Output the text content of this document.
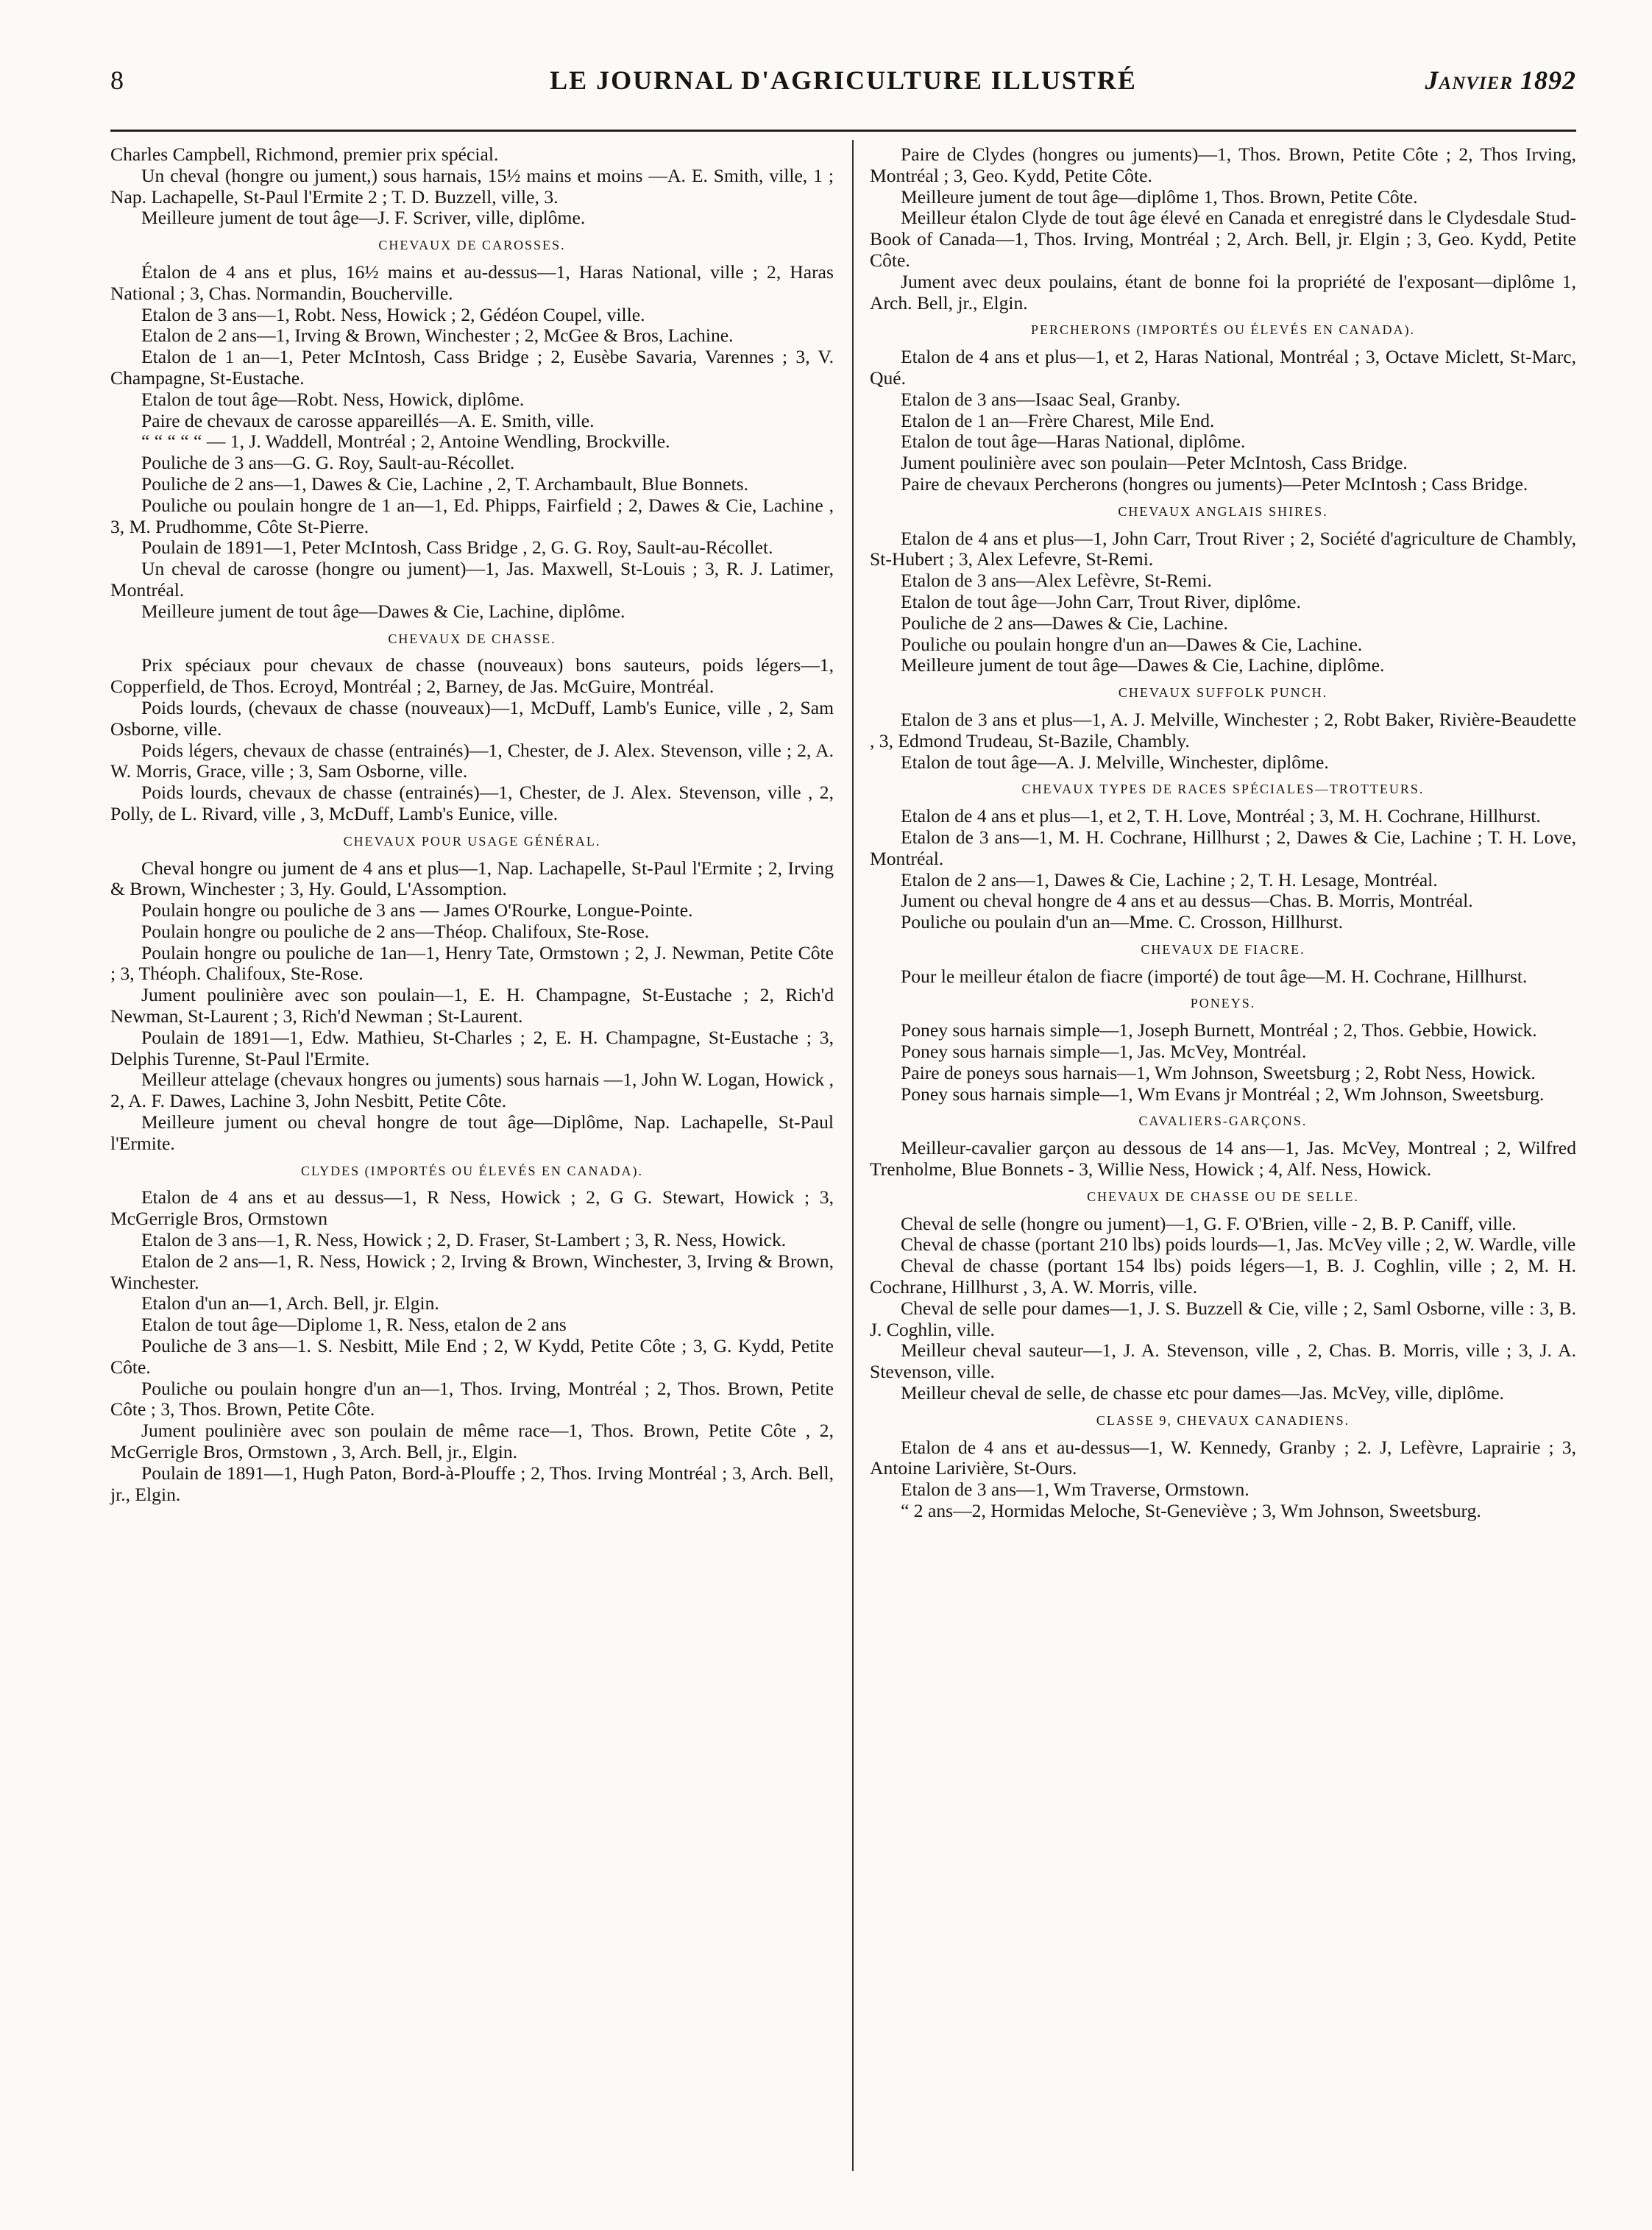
8	LE JOURNAL D'AGRICULTURE ILLUSTRÉ	Janvier 1892

Charles Campbell, Richmond, premier prix spécial.

Un cheval (hongre ou jument,) sous harnais, 15½ mains et moins —A. E. Smith, ville, 1 ; Nap. Lachapelle, St-Paul l'Ermite 2 ; T. D. Buzzell, ville, 3.

Meilleure jument de tout âge—J. F. Scriver, ville, diplôme.

CHEVAUX DE CAROSSES.

Étalon de 4 ans et plus, 16½ mains et au-dessus—1, Haras National, ville ; 2, Haras National ; 3, Chas. Normandin, Boucherville.

Etalon de 3 ans—1, Robt. Ness, Howick ; 2, Gédéon Coupel, ville.

Etalon de 2 ans—1, Irving & Brown, Winchester ; 2, McGee & Bros, Lachine.

Etalon de 1 an—1, Peter McIntosh, Cass Bridge ; 2, Eusèbe Savaria, Varennes ; 3, V. Champagne, St-Eustache.

Etalon de tout âge—Robt. Ness, Howick, diplôme.

Paire de chevaux de carosse appareillés—A. E. Smith, ville.

“ “ “ “ “ — 1, J. Waddell, Montréal ; 2, Antoine Wendling, Brockville.

Pouliche de 3 ans—G. G. Roy, Sault-au-Récollet.

Pouliche de 2 ans—1, Dawes & Cie, Lachine , 2, T. Archambault, Blue Bonnets.

Pouliche ou poulain hongre de 1 an—1, Ed. Phipps, Fairfield ; 2, Dawes & Cie, Lachine , 3, M. Prudhomme, Côte St-Pierre.

Poulain de 1891—1, Peter McIntosh, Cass Bridge , 2, G. G. Roy, Sault-au-Récollet.

Un cheval de carosse (hongre ou jument)—1, Jas. Maxwell, St-Louis ; 3, R. J. Latimer, Montréal.

Meilleure jument de tout âge—Dawes & Cie, Lachine, diplôme.

CHEVAUX DE CHASSE.

Prix spéciaux pour chevaux de chasse (nouveaux) bons sauteurs, poids légers—1, Copperfield, de Thos. Ecroyd, Montréal ; 2, Barney, de Jas. McGuire, Montréal.

Poids lourds, (chevaux de chasse (nouveaux)—1, McDuff, Lamb's Eunice, ville , 2, Sam Osborne, ville.

Poids légers, chevaux de chasse (entrainés)—1, Chester, de J. Alex. Stevenson, ville ; 2, A. W. Morris, Grace, ville ; 3, Sam Osborne, ville.

Poids lourds, chevaux de chasse (entrainés)—1, Chester, de J. Alex. Stevenson, ville , 2, Polly, de L. Rivard, ville , 3, McDuff, Lamb's Eunice, ville.

CHEVAUX POUR USAGE GÉNÉRAL.

Cheval hongre ou jument de 4 ans et plus—1, Nap. Lachapelle, St-Paul l'Ermite ; 2, Irving & Brown, Winchester ; 3, Hy. Gould, L'Assomption.

Poulain hongre ou pouliche de 3 ans — James O'Rourke, Longue-Pointe.

Poulain hongre ou pouliche de 2 ans—Théop. Chalifoux, Ste-Rose.

Poulain hongre ou pouliche de 1an—1, Henry Tate, Ormstown ; 2, J. Newman, Petite Côte ; 3, Théoph. Chalifoux, Ste-Rose.

Jument poulinière avec son poulain—1, E. H. Champagne, St-Eustache ; 2, Rich'd Newman, St-Laurent ; 3, Rich'd Newman ; St-Laurent.

Poulain de 1891—1, Edw. Mathieu, St-Charles ; 2, E. H. Champagne, St-Eustache ; 3, Delphis Turenne, St-Paul l'Ermite.

Meilleur attelage (chevaux hongres ou juments) sous harnais —1, John W. Logan, Howick , 2, A. F. Dawes, Lachine 3, John Nesbitt, Petite Côte.

Meilleure jument ou cheval hongre de tout âge—Diplôme, Nap. Lachapelle, St-Paul l'Ermite.

CLYDES (IMPORTÉS OU ÉLEVÉS EN CANADA).

Etalon de 4 ans et au dessus—1, R Ness, Howick ; 2, G G. Stewart, Howick ; 3, McGerrigle Bros, Ormstown

Etalon de 3 ans—1, R. Ness, Howick ; 2, D. Fraser, St-Lambert ; 3, R. Ness, Howick.

Etalon de 2 ans—1, R. Ness, Howick ; 2, Irving & Brown, Winchester, 3, Irving & Brown, Winchester.

Etalon d'un an—1, Arch. Bell, jr. Elgin.

Etalon de tout âge—Diplome 1, R. Ness, etalon de 2 ans

Pouliche de 3 ans—1. S. Nesbitt, Mile End ; 2, W Kydd, Petite Côte ; 3, G. Kydd, Petite Côte.

Pouliche ou poulain hongre d'un an—1, Thos. Irving, Montréal ; 2, Thos. Brown, Petite Côte ; 3, Thos. Brown, Petite Côte.

Jument poulinière avec son poulain de même race—1, Thos. Brown, Petite Côte , 2, McGerrigle Bros, Ormstown , 3, Arch. Bell, jr., Elgin.

Poulain de 1891—1, Hugh Paton, Bord-à-Plouffe ; 2, Thos. Irving Montréal ; 3, Arch. Bell, jr., Elgin.

Paire de Clydes (hongres ou juments)—1, Thos. Brown, Petite Côte ; 2, Thos Irving, Montréal ; 3, Geo. Kydd, Petite Côte.

Meilleure jument de tout âge—diplôme 1, Thos. Brown, Petite Côte.

Meilleur étalon Clyde de tout âge élevé en Canada et enregistré dans le Clydesdale Stud-Book of Canada—1, Thos. Irving, Montréal ; 2, Arch. Bell, jr. Elgin ; 3, Geo. Kydd, Petite Côte.

Jument avec deux poulains, étant de bonne foi la propriété de l'exposant—diplôme 1, Arch. Bell, jr., Elgin.

PERCHERONS (IMPORTÉS OU ÉLEVÉS EN CANADA).

Etalon de 4 ans et plus—1, et 2, Haras National, Montréal ; 3, Octave Miclett, St-Marc, Qué.

Etalon de 3 ans—Isaac Seal, Granby.

Etalon de 1 an—Frère Charest, Mile End.

Etalon de tout âge—Haras National, diplôme.

Jument poulinière avec son poulain—Peter McIntosh, Cass Bridge.

Paire de chevaux Percherons (hongres ou juments)—Peter McIntosh ; Cass Bridge.

CHEVAUX ANGLAIS SHIRES.

Etalon de 4 ans et plus—1, John Carr, Trout River ; 2, Société d'agriculture de Chambly, St-Hubert ; 3, Alex Lefevre, St-Remi.

Etalon de 3 ans—Alex Lefèvre, St-Remi.

Etalon de tout âge—John Carr, Trout River, diplôme.

Pouliche de 2 ans—Dawes & Cie, Lachine.

Pouliche ou poulain hongre d'un an—Dawes & Cie, Lachine.

Meilleure jument de tout âge—Dawes & Cie, Lachine, diplôme.

CHEVAUX SUFFOLK PUNCH.

Etalon de 3 ans et plus—1, A. J. Melville, Winchester ; 2, Robt Baker, Rivière-Beaudette , 3, Edmond Trudeau, St-Bazile, Chambly.

Etalon de tout âge—A. J. Melville, Winchester, diplôme.

CHEVAUX TYPES DE RACES SPÉCIALES—TROTTEURS.

Etalon de 4 ans et plus—1, et 2, T. H. Love, Montréal ; 3, M. H. Cochrane, Hillhurst.

Etalon de 3 ans—1, M. H. Cochrane, Hillhurst ; 2, Dawes & Cie, Lachine ; T. H. Love, Montréal.

Etalon de 2 ans—1, Dawes & Cie, Lachine ; 2, T. H. Lesage, Montréal.

Jument ou cheval hongre de 4 ans et au dessus—Chas. B. Morris, Montréal.

Pouliche ou poulain d'un an—Mme. C. Crosson, Hillhurst.

CHEVAUX DE FIACRE.

Pour le meilleur étalon de fiacre (importé) de tout âge—M. H. Cochrane, Hillhurst.

PONEYS.

Poney sous harnais simple—1, Joseph Burnett, Montréal ; 2, Thos. Gebbie, Howick.

Poney sous harnais simple—1, Jas. McVey, Montréal.

Paire de poneys sous harnais—1, Wm Johnson, Sweetsburg ; 2, Robt Ness, Howick.

Poney sous harnais simple—1, Wm Evans jr Montréal ; 2, Wm Johnson, Sweetsburg.

CAVALIERS-GARÇONS.

Meilleur-cavalier garçon au dessous de 14 ans—1, Jas. McVey, Montreal ; 2, Wilfred Trenholme, Blue Bonnets - 3, Willie Ness, Howick ; 4, Alf. Ness, Howick.

CHEVAUX DE CHASSE OU DE SELLE.

Cheval de selle (hongre ou jument)—1, G. F. O'Brien, ville - 2, B. P. Caniff, ville.

Cheval de chasse (portant 210 lbs) poids lourds—1, Jas. McVey ville ; 2, W. Wardle, ville

Cheval de chasse (portant 154 lbs) poids légers—1, B. J. Coghlin, ville ; 2, M. H. Cochrane, Hillhurst , 3, A. W. Morris, ville.

Cheval de selle pour dames—1, J. S. Buzzell & Cie, ville ; 2, Saml Osborne, ville : 3, B. J. Coghlin, ville.

Meilleur cheval sauteur—1, J. A. Stevenson, ville , 2, Chas. B. Morris, ville ; 3, J. A. Stevenson, ville.

Meilleur cheval de selle, de chasse etc pour dames—Jas. McVey, ville, diplôme.

CLASSE 9, CHEVAUX CANADIENS.

Etalon de 4 ans et au-dessus—1, W. Kennedy, Granby ; 2. J, Lefèvre, Laprairie ; 3, Antoine Larivière, St-Ours.

Etalon de 3 ans—1, Wm Traverse, Ormstown.

“ 2 ans—2, Hormidas Meloche, St-Geneviève ; 3, Wm Johnson, Sweetsburg.
